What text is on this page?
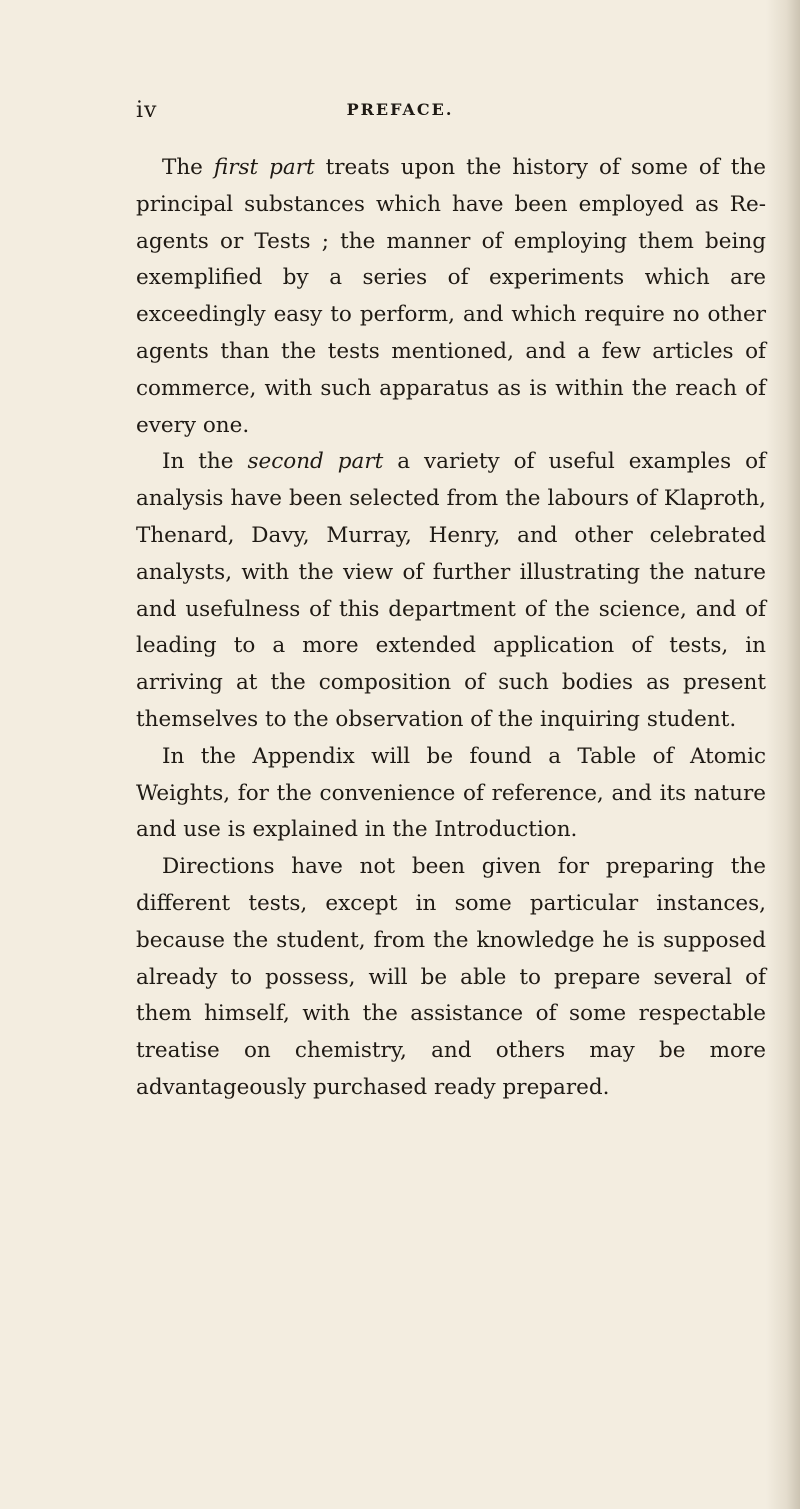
iv	PREFACE.

The first part treats upon the history of some of the principal substances which have been employed as Re-agents or Tests ; the manner of employing them being exemplified by a series of experiments which are exceedingly easy to perform, and which require no other agents than the tests mentioned, and a few articles of commerce, with such apparatus as is within the reach of every one.

In the second part a variety of useful examples of analysis have been selected from the labours of Klaproth, Thenard, Davy, Murray, Henry, and other celebrated analysts, with the view of further illustrating the nature and usefulness of this department of the science, and of leading to a more extended application of tests, in arriving at the composition of such bodies as present themselves to the observation of the inquiring student.

In the Appendix will be found a Table of Atomic Weights, for the convenience of reference, and its nature and use is explained in the Introduction.

Directions have not been given for preparing the different tests, except in some particular instances, because the student, from the knowledge he is supposed already to possess, will be able to prepare several of them himself, with the assistance of some respectable treatise on chemistry, and others may be more advantageously purchased ready prepared.
